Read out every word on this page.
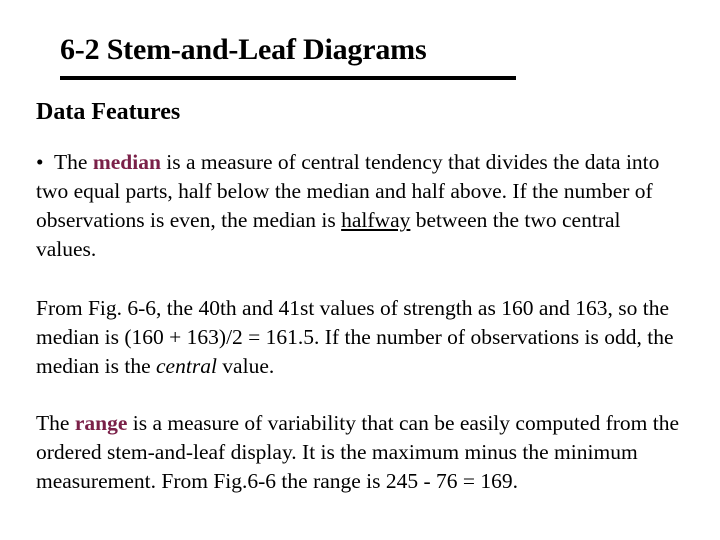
6-2 Stem-and-Leaf Diagrams
Data Features
• The median is a measure of central tendency that divides the data into two equal parts, half below the median and half above. If the number of observations is even, the median is halfway between the two central values.
From Fig. 6-6, the 40th and 41st values of strength as 160 and 163, so the median is (160 + 163)/2 = 161.5. If the number of observations is odd, the median is the central value.
The range is a measure of variability that can be easily computed from the ordered stem-and-leaf display. It is the maximum minus the minimum measurement. From Fig.6-6 the range is 245 - 76 = 169.
